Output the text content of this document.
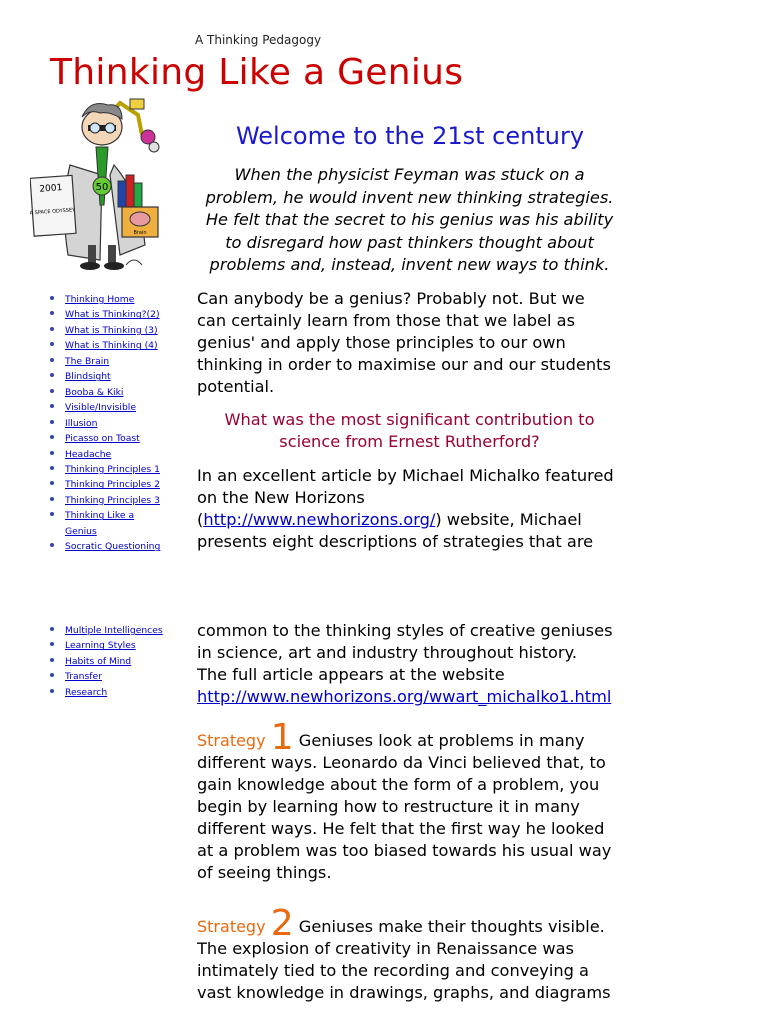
A Thinking Pedagogy
Thinking Like a Genius
50
2001
A SPACE ODYSSEY
Brain
Welcome to the 21st century
When the physicist Feyman was stuck on a
problem, he would invent new thinking strategies.
He felt that the secret to his genius was his ability
to disregard how past thinkers thought about
problems and, instead, invent new ways to think.
Thinking Home
What is Thinking?(2)
What is Thinking (3)
What is Thinking (4)
The Brain
Blindsight
Booba & Kiki
Visible/Invisible
Illusion
Picasso on Toast
Headache
Thinking Principles 1
Thinking Principles 2
Thinking Principles 3
Thinking Like a
Genius
Socratic Questioning
Multiple Intelligences
Learning Styles
Habits of Mind
Transfer
Research
Can anybody be a genius? Probably not. But we
can certainly learn from those that we label as
genius' and apply those principles to our own
thinking in order to maximise our and our students
potential.
What was the most significant contribution to
science from Ernest Rutherford?
In an excellent article by Michael Michalko featured
on the New Horizons
(http://www.newhorizons.org/) website, Michael
presents eight descriptions of strategies that are
common to the thinking styles of creative geniuses
in science, art and industry throughout history.
The full article appears at the website
http://www.newhorizons.org/wwart_michalko1.html
Strategy 1 Geniuses look at problems in many
different ways. Leonardo da Vinci believed that, to
gain knowledge about the form of a problem, you
begin by learning how to restructure it in many
different ways. He felt that the first way he looked
at a problem was too biased towards his usual way
of seeing things.
Strategy 2 Geniuses make their thoughts visible.
The explosion of creativity in Renaissance was
intimately tied to the recording and conveying a
vast knowledge in drawings, graphs, and diagrams
